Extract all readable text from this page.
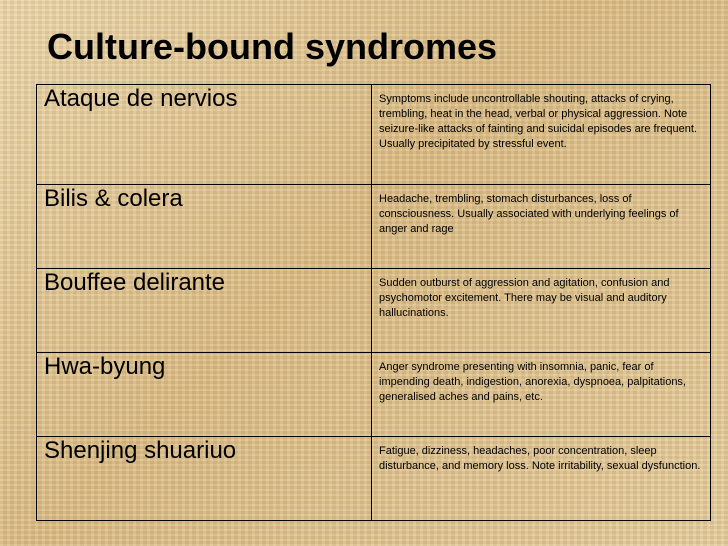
Culture-bound syndromes
Ataque de nervios	Symptoms include uncontrollable shouting, attacks of crying, trembling, heat in the head, verbal or physical aggression. Note seizure-like attacks of fainting and suicidal episodes are frequent. Usually precipitated by stressful event.
Bilis & colera	Headache, trembling, stomach disturbances, loss of consciousness. Usually associated with underlying feelings of anger and rage
Bouffee delirante	Sudden outburst of aggression and agitation, confusion and psychomotor excitement. There may be visual and auditory hallucinations.
Hwa-byung	Anger syndrome presenting with insomnia, panic, fear of impending death, indigestion, anorexia, dyspnoea, palpitations, generalised aches and pains, etc.
Shenjing shuariuo	Fatigue, dizziness, headaches, poor concentration, sleep disturbance, and memory loss. Note irritability, sexual dysfunction.
